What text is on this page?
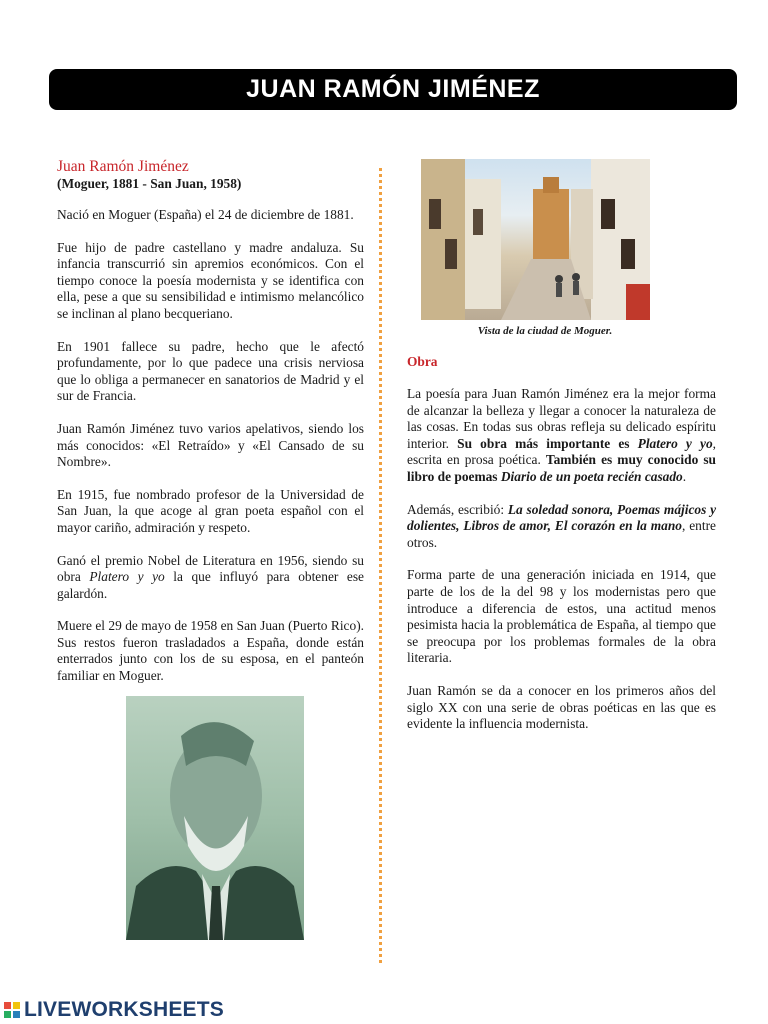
JUAN RAMÓN JIMÉNEZ
Juan Ramón Jiménez
(Moguer, 1881 - San Juan, 1958)

Nació en Moguer (España) el 24 de diciembre de 1881.

Fue hijo de padre castellano y madre andaluza. Su infancia transcurrió sin apremios económicos. Con el tiempo conoce la poesía modernista y se identifica con ella, pese a que su sensibilidad e intimismo melancólico se inclinan al plano becqueriano.

En 1901 fallece su padre, hecho que le afectó profundamente, por lo que padece una crisis nerviosa que lo obliga a permanecer en sanatorios de Madrid y el sur de Francia.

Juan Ramón Jiménez tuvo varios apelativos, siendo los más conocidos: «El Retraído» y «El Cansado de su Nombre».

En 1915, fue nombrado profesor de la Universidad de San Juan, la que acoge al gran poeta español con el mayor cariño, admiración y respeto.

Ganó el premio Nobel de Literatura en 1956, siendo su obra Platero y yo la que influyó para obtener ese galardón.

Muere el 29 de mayo de 1958 en San Juan (Puerto Rico). Sus restos fueron trasladados a España, donde están enterrados junto con los de su esposa, en el panteón familiar en Moguer.

Vista de la ciudad de Moguer.
Obra

La poesía para Juan Ramón Jiménez era la mejor forma de alcanzar la belleza y llegar a conocer la naturaleza de las cosas. En todas sus obras refleja su delicado espíritu interior. Su obra más importante es Platero y yo, escrita en prosa poética. También es muy conocido su libro de poemas Diario de un poeta recién casado.

Además, escribió: La soledad sonora, Poemas májicos y dolientes, Libros de amor, El corazón en la mano, entre otros.

Forma parte de una generación iniciada en 1914, que parte de los de la del 98 y los modernistas pero que introduce a diferencia de estos, una actitud menos pesimista hacia la problemática de España, al tiempo que se preocupa por los problemas formales de la obra literaria.

Juan Ramón se da a conocer en los primeros años del siglo XX con una serie de obras poéticas en las que es evidente la influencia modernista.

LIVEWORKSHEETS
